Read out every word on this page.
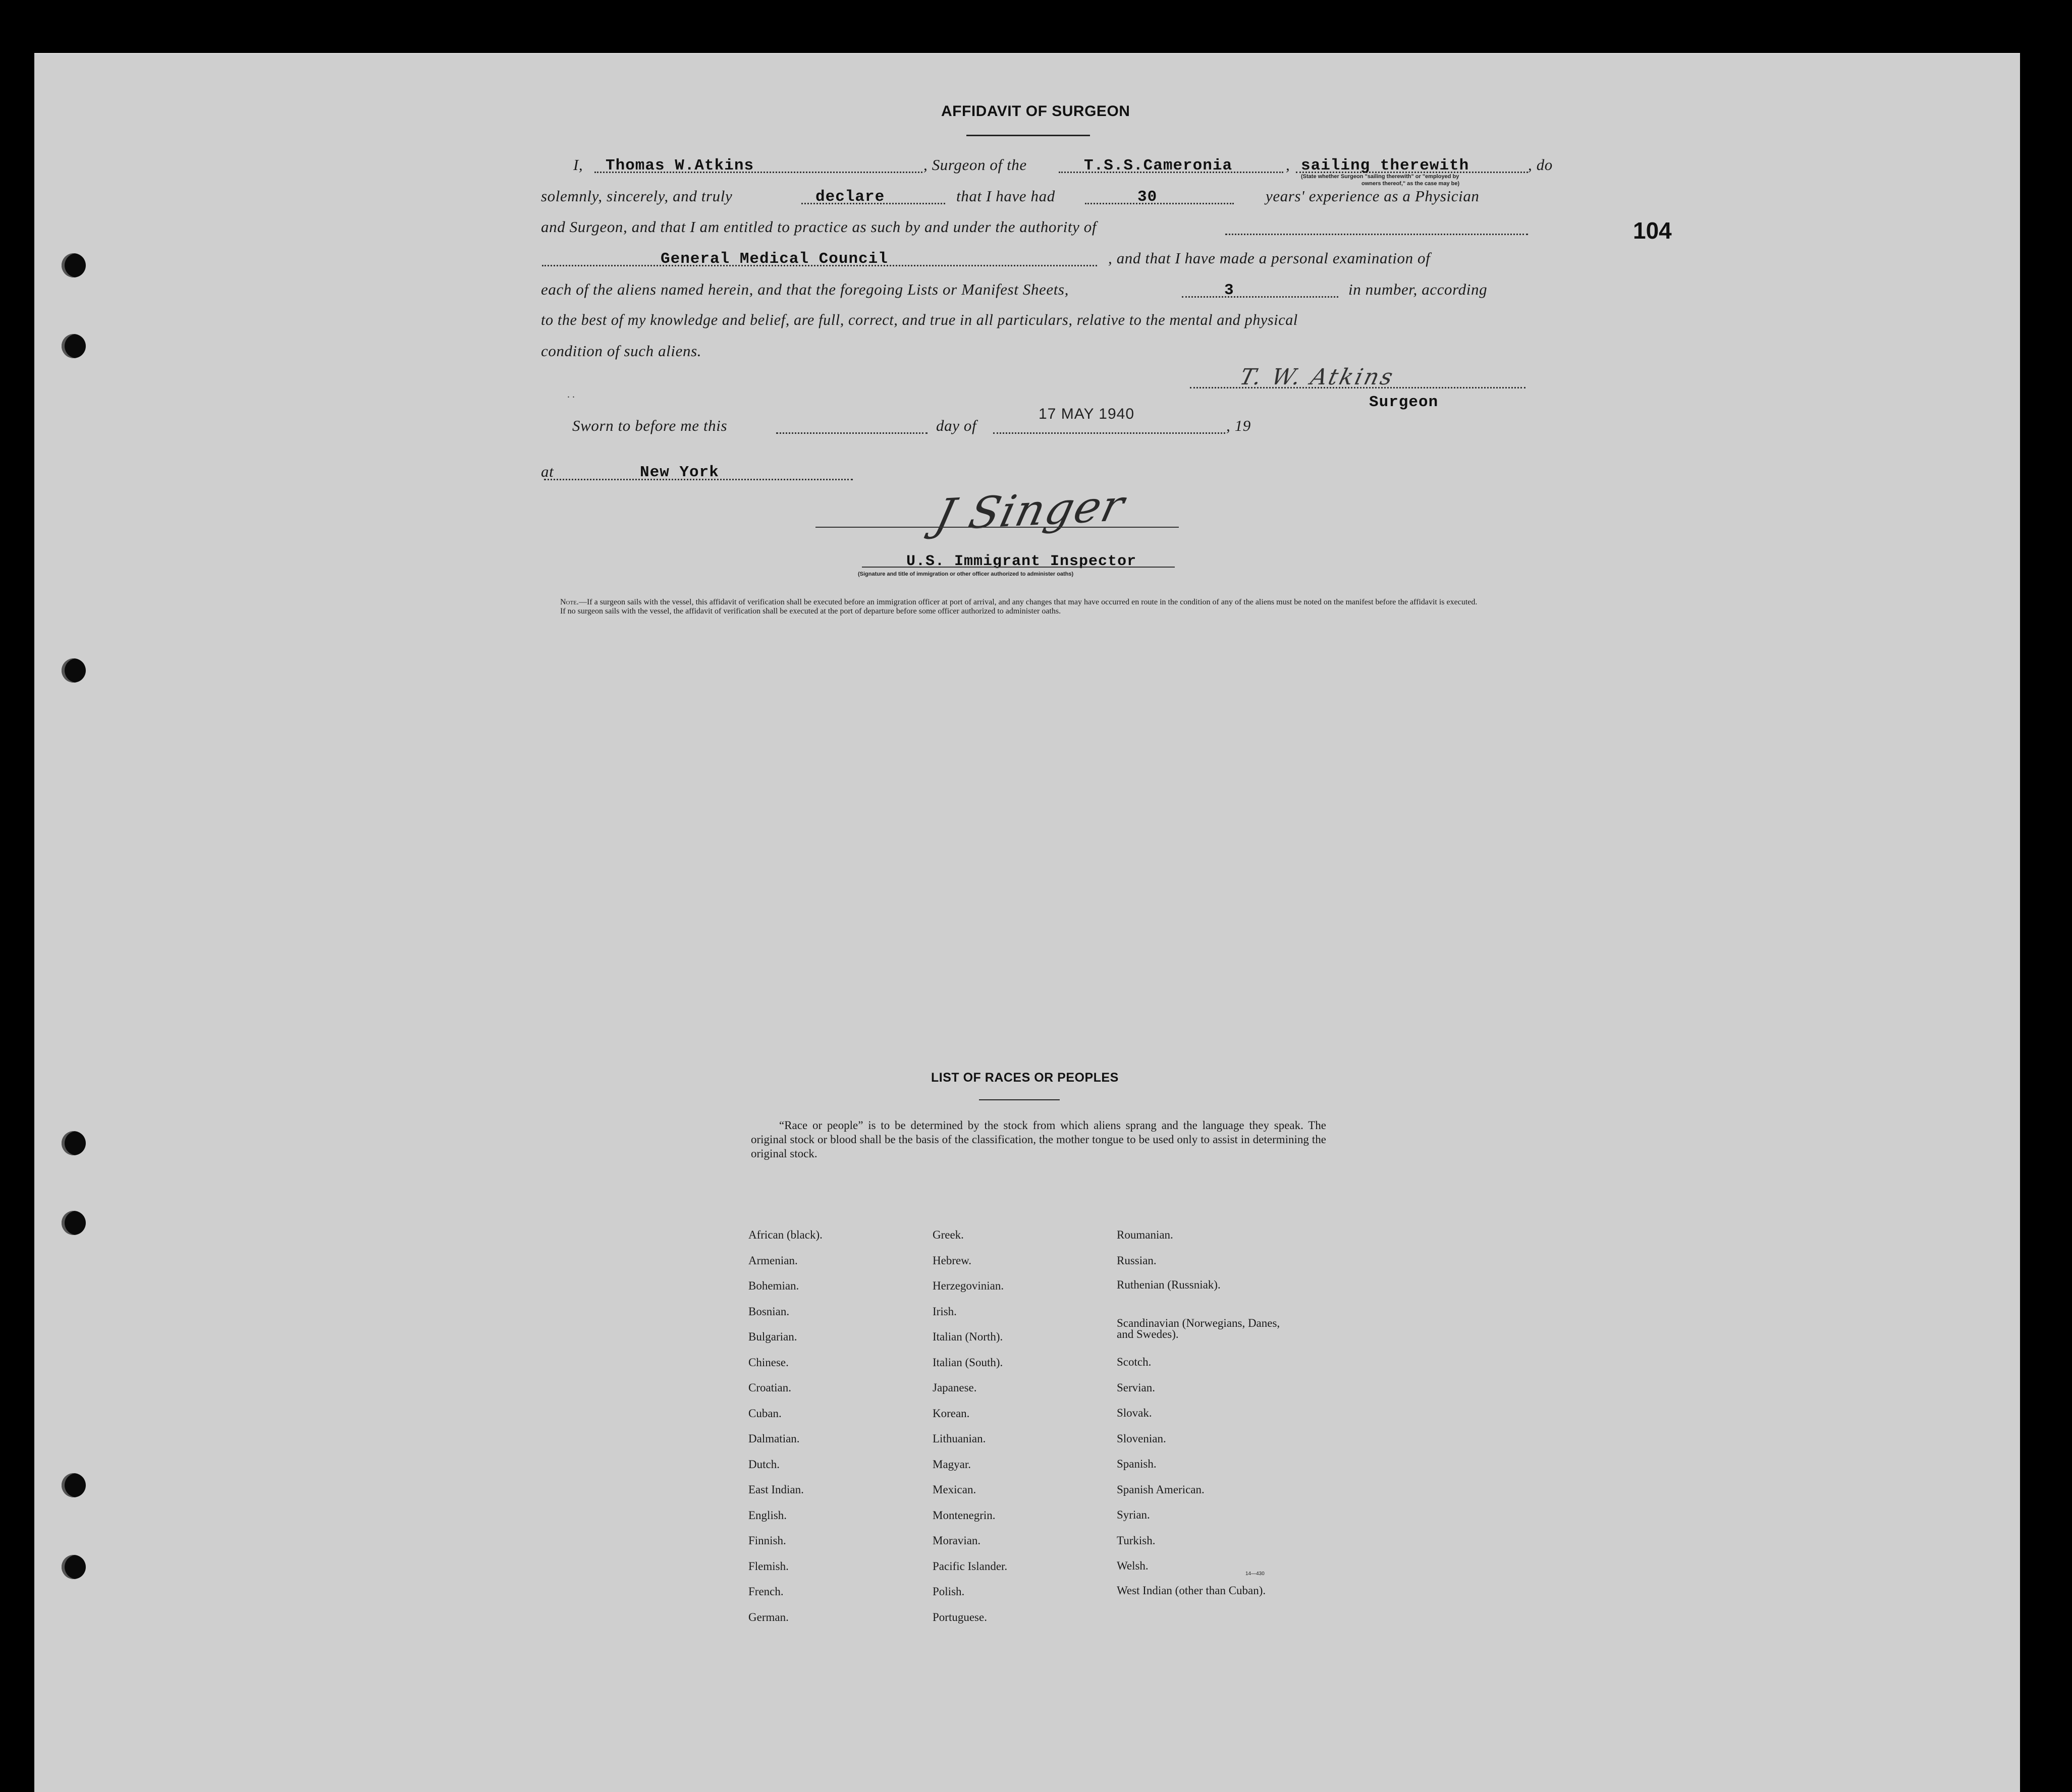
104
AFFIDAVIT OF SURGEON
I, Thomas W.Atkins	, Surgeon of the	T.S.S.Cameronia	, sailing therewith	, do
(State whether Surgeon "sailing therewith" or "employed by
owners thereof," as the case may be)
solemnly, sincerely, and truly	declare	that I have had	30	years' experience as a Physician
and Surgeon, and that I am entitled to practice as such by and under the authority of
General Medical Council	, and that I have made a personal examination of
each of the aliens named herein, and that the foregoing Lists or Manifest Sheets,	3	in number, according
to the best of my knowledge and belief, are full, correct, and true in all particulars, relative to the mental and physical
condition of such aliens.
. .
T. W. Atkins
Surgeon
Sworn to before me this	day of
17 MAY 1940
, 19
at	New York
J Singer
U.S. Immigrant Inspector
(Signature and title of immigration or other officer authorized to administer oaths)
Note.—If a surgeon sails with the vessel, this affidavit of verification shall be executed before an immigration officer at port of arrival, and any changes that may have occurred en route in the condition of any of the aliens must be noted on the manifest before the affidavit is executed.
If no surgeon sails with the vessel, the affidavit of verification shall be executed at the port of departure before some officer authorized to administer oaths.
LIST OF RACES OR PEOPLES
“Race or people” is to be determined by the stock from which aliens sprang and the language they speak. The original stock or blood shall be the basis of the classification, the mother tongue to be used only to assist in determining the original stock.
African (black).
Armenian.
Bohemian.
Bosnian.
Bulgarian.
Chinese.
Croatian.
Cuban.
Dalmatian.
Dutch.
East Indian.
English.
Finnish.
Flemish.
French.
German.
Greek.
Hebrew.
Herzegovinian.
Irish.
Italian (North).
Italian (South).
Japanese.
Korean.
Lithuanian.
Magyar.
Mexican.
Montenegrin.
Moravian.
Pacific Islander.
Polish.
Portuguese.
Roumanian.
Russian.
Ruthenian (Russniak).
Scandinavian (Norwegians, Danes, and Swedes).
Scotch.
Servian.
Slovak.
Slovenian.
Spanish.
Spanish American.
Syrian.
Turkish.
Welsh.
West Indian (other than Cuban).
14—430
